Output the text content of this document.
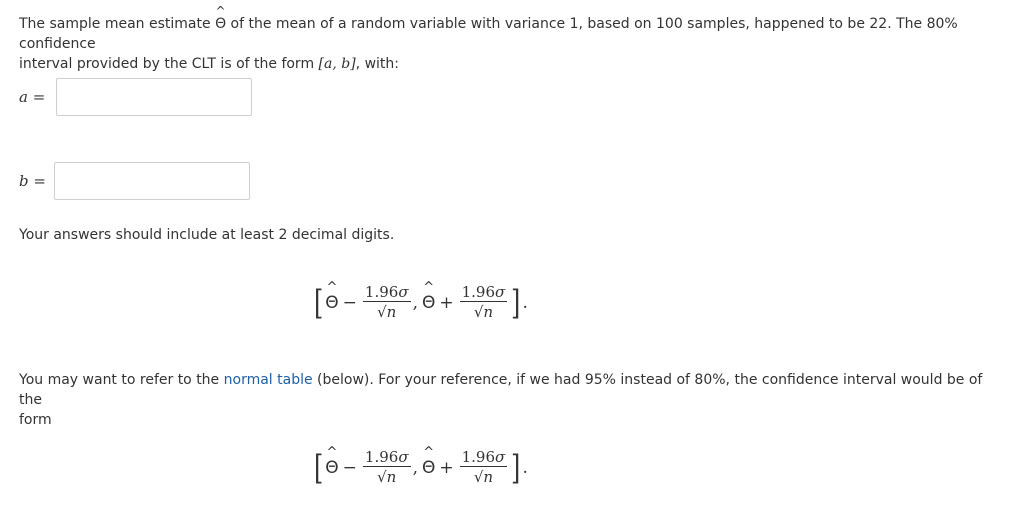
The sample mean estimate
^
Θ of the mean of a random variable with variance 1, based on 100 samples, happened to be 22. The 80% confidence
interval provided by the CLT is of the form [a, b], with:

a =
b =

Your answers should include at least 2 decimal digits.

[ ^
$\Theta - \frac{1.96\sigma}{√n}$ ,
^
$\Theta + \frac{1.96\sigma}{√n}$ ] .

You may want to refer to the normal table (below). For your reference, if we had 95% instead of 80%, the confidence interval would be of the
form

[ ^
$\Theta - \frac{1.96\sigma}{√n}$ ,
^
$\Theta + \frac{1.96\sigma}{√n}$ ] .
